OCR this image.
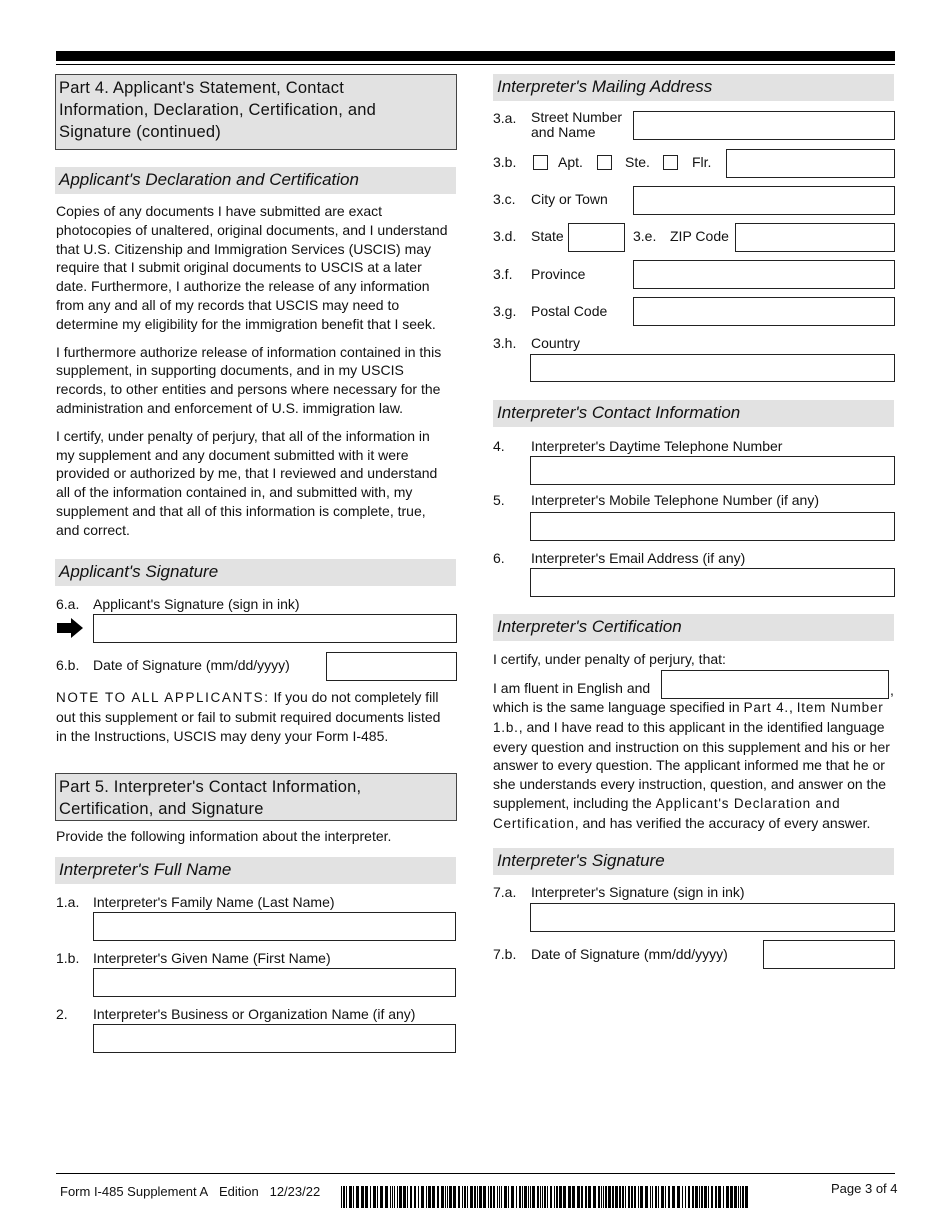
Part 4. Applicant's Statement, Contact
Information, Declaration, Certification, and
Signature (continued)
Applicant's Declaration and Certification

Copies of any documents I have submitted are exact
photocopies of unaltered, original documents, and I understand
that U.S. Citizenship and Immigration Services (USCIS) may
require that I submit original documents to USCIS at a later
date. Furthermore, I authorize the release of any information
from any and all of my records that USCIS may need to
determine my eligibility for the immigration benefit that I seek.

I furthermore authorize release of information contained in this
supplement, in supporting documents, and in my USCIS
records, to other entities and persons where necessary for the
administration and enforcement of U.S. immigration law.

I certify, under penalty of perjury, that all of the information in
my supplement and any document submitted with it were
provided or authorized by me, that I reviewed and understand
all of the information contained in, and submitted with, my
supplement and that all of this information is complete, true,
and correct.

Applicant's Signature
6.a. Applicant's Signature (sign in ink)
6.b. Date of Signature (mm/dd/yyyy)
NOTE TO ALL APPLICANTS: If you do not completely fill
out this supplement or fail to submit required documents listed
in the Instructions, USCIS may deny your Form I-485.
Part 5. Interpreter's Contact Information,
Certification, and Signature
Provide the following information about the interpreter.
Interpreter's Full Name
1.a. Interpreter's Family Name (Last Name)
1.b. Interpreter's Given Name (First Name)
2. Interpreter's Business or Organization Name (if any)
Interpreter's Mailing Address
3.a. Street Number
and Name
3.b.	Apt.	Ste.	Flr.
3.c. City or Town
3.d. State	3.e. ZIP Code
3.f. Province
3.g. Postal Code
3.h. Country
Interpreter's Contact Information
4. Interpreter's Daytime Telephone Number
5. Interpreter's Mobile Telephone Number (if any)
6. Interpreter's Email Address (if any)
Interpreter's Certification
I certify, under penalty of perjury, that:
I am fluent in English and	,
which is the same language specified in Part 4., Item Number
1.b., and I have read to this applicant in the identified language
every question and instruction on this supplement and his or her
answer to every question. The applicant informed me that he or
she understands every instruction, question, and answer on the
supplement, including the Applicant's Declaration and
Certification, and has verified the accuracy of every answer.
Interpreter's Signature
7.a. Interpreter's Signature (sign in ink)
7.b. Date of Signature (mm/dd/yyyy)
Form I-485 Supplement A Edition   12/23/22	Page 3 of 4
